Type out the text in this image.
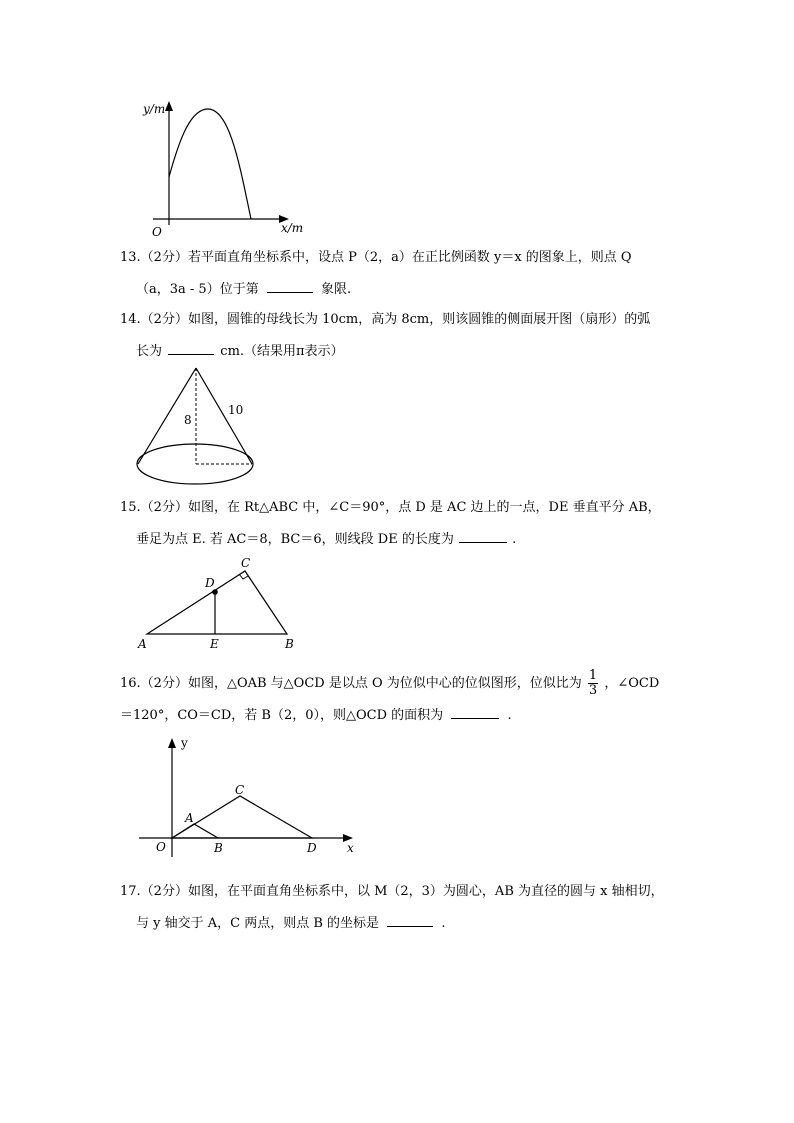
y/m
x/m
O
13.（2分）若平面直角坐标系中，设点 P（2，a）在正比例函数 y＝x 的图象上，则点 Q
（a，3a - 5）位于第	象限.
14.（2分）如图，圆锥的母线长为 10cm，高为 8cm，则该圆锥的侧面展开图（扇形）的弧
长为	cm.（结果用π表示）
8
10
15.（2分）如图，在 Rt△ABC 中，∠C＝90°，点 D 是 AC 边上的一点，DE 垂直平分 AB，
垂足为点 E. 若 AC＝8，BC＝6，则线段 DE 的长度为	.
A	B
C
D
E
16.（2分）如图，△OAB 与△OCD 是以点 O 为位似中心的位似图形，位似比为 $\frac{1}{3}$ ，∠OCD
＝120°，CO＝CD，若 B（2，0），则△OCD 的面积为	.
y
x
O
A
B
C
D
17.（2分）如图，在平面直角坐标系中，以 M（2，3）为圆心，AB 为直径的圆与 x 轴相切，
与 y 轴交于 A，C 两点，则点 B 的坐标是	.
